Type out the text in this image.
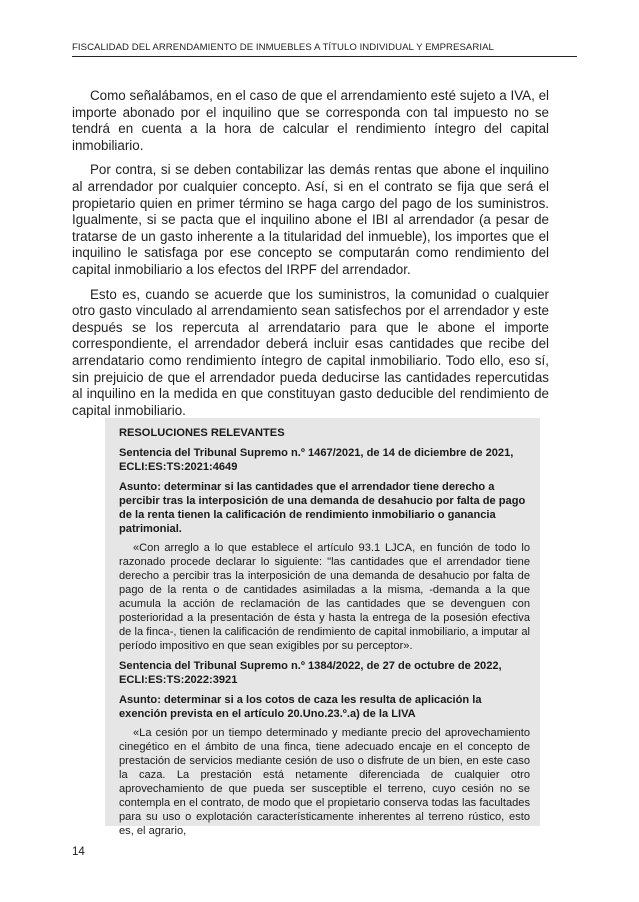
FISCALIDAD DEL ARRENDAMIENTO DE INMUEBLES A TÍTULO INDIVIDUAL Y EMPRESARIAL

Como señalábamos, en el caso de que el arrendamiento esté sujeto a IVA, el importe abonado por el inquilino que se corresponda con tal impuesto no se tendrá en cuenta a la hora de calcular el rendimiento íntegro del capital inmobiliario.

Por contra, si se deben contabilizar las demás rentas que abone el inquilino al arrendador por cualquier concepto. Así, si en el contrato se fija que será el propietario quien en primer término se haga cargo del pago de los suministros. Igualmente, si se pacta que el inquilino abone el IBI al arrendador (a pesar de tratarse de un gasto inherente a la titularidad del inmueble), los importes que el inquilino le satisfaga por ese concepto se computarán como rendimiento del capital inmobiliario a los efectos del IRPF del arrendador.

Esto es, cuando se acuerde que los suministros, la comunidad o cualquier otro gasto vinculado al arrendamiento sean satisfechos por el arrendador y este después se los repercuta al arrendatario para que le abone el importe correspondiente, el arrendador deberá incluir esas cantidades que recibe del arrendatario como rendimiento íntegro de capital inmobiliario. Todo ello, eso sí, sin prejuicio de que el arrendador pueda deducirse las cantidades repercutidas al inquilino en la medida en que constituyan gasto deducible del rendimiento de capital inmobiliario.

RESOLUCIONES RELEVANTES
Sentencia del Tribunal Supremo n.º 1467/2021, de 14 de diciembre de 2021, ECLI:ES:TS:2021:4649
Asunto: determinar si las cantidades que el arrendador tiene derecho a percibir tras la interposición de una demanda de desahucio por falta de pago de la renta tienen la calificación de rendimiento inmobiliario o ganancia patrimonial.
«Con arreglo a lo que establece el artículo 93.1 LJCA, en función de todo lo razonado procede declarar lo siguiente: "las cantidades que el arrendador tiene derecho a percibir tras la interposición de una demanda de desahucio por falta de pago de la renta o de cantidades asimiladas a la misma, -demanda a la que acumula la acción de reclamación de las cantidades que se devenguen con posterioridad a la presentación de ésta y hasta la entrega de la posesión efectiva de la finca-, tienen la calificación de rendimiento de capital inmobiliario, a imputar al período impositivo en que sean exigibles por su perceptor».
Sentencia del Tribunal Supremo n.º 1384/2022, de 27 de octubre de 2022, ECLI:ES:TS:2022:3921
Asunto: determinar si a los cotos de caza les resulta de aplicación la exención prevista en el artículo 20.Uno.23.º.a) de la LIVA
«La cesión por un tiempo determinado y mediante precio del aprovechamiento cinegético en el ámbito de una finca, tiene adecuado encaje en el concepto de prestación de servicios mediante cesión de uso o disfrute de un bien, en este caso la caza. La prestación está netamente diferenciada de cualquier otro aprovechamiento de que pueda ser susceptible el terreno, cuyo cesión no se contempla en el contrato, de modo que el propietario conserva todas las facultades para su uso o explotación característicamente inherentes al terreno rústico, esto es, el agrario,
14
